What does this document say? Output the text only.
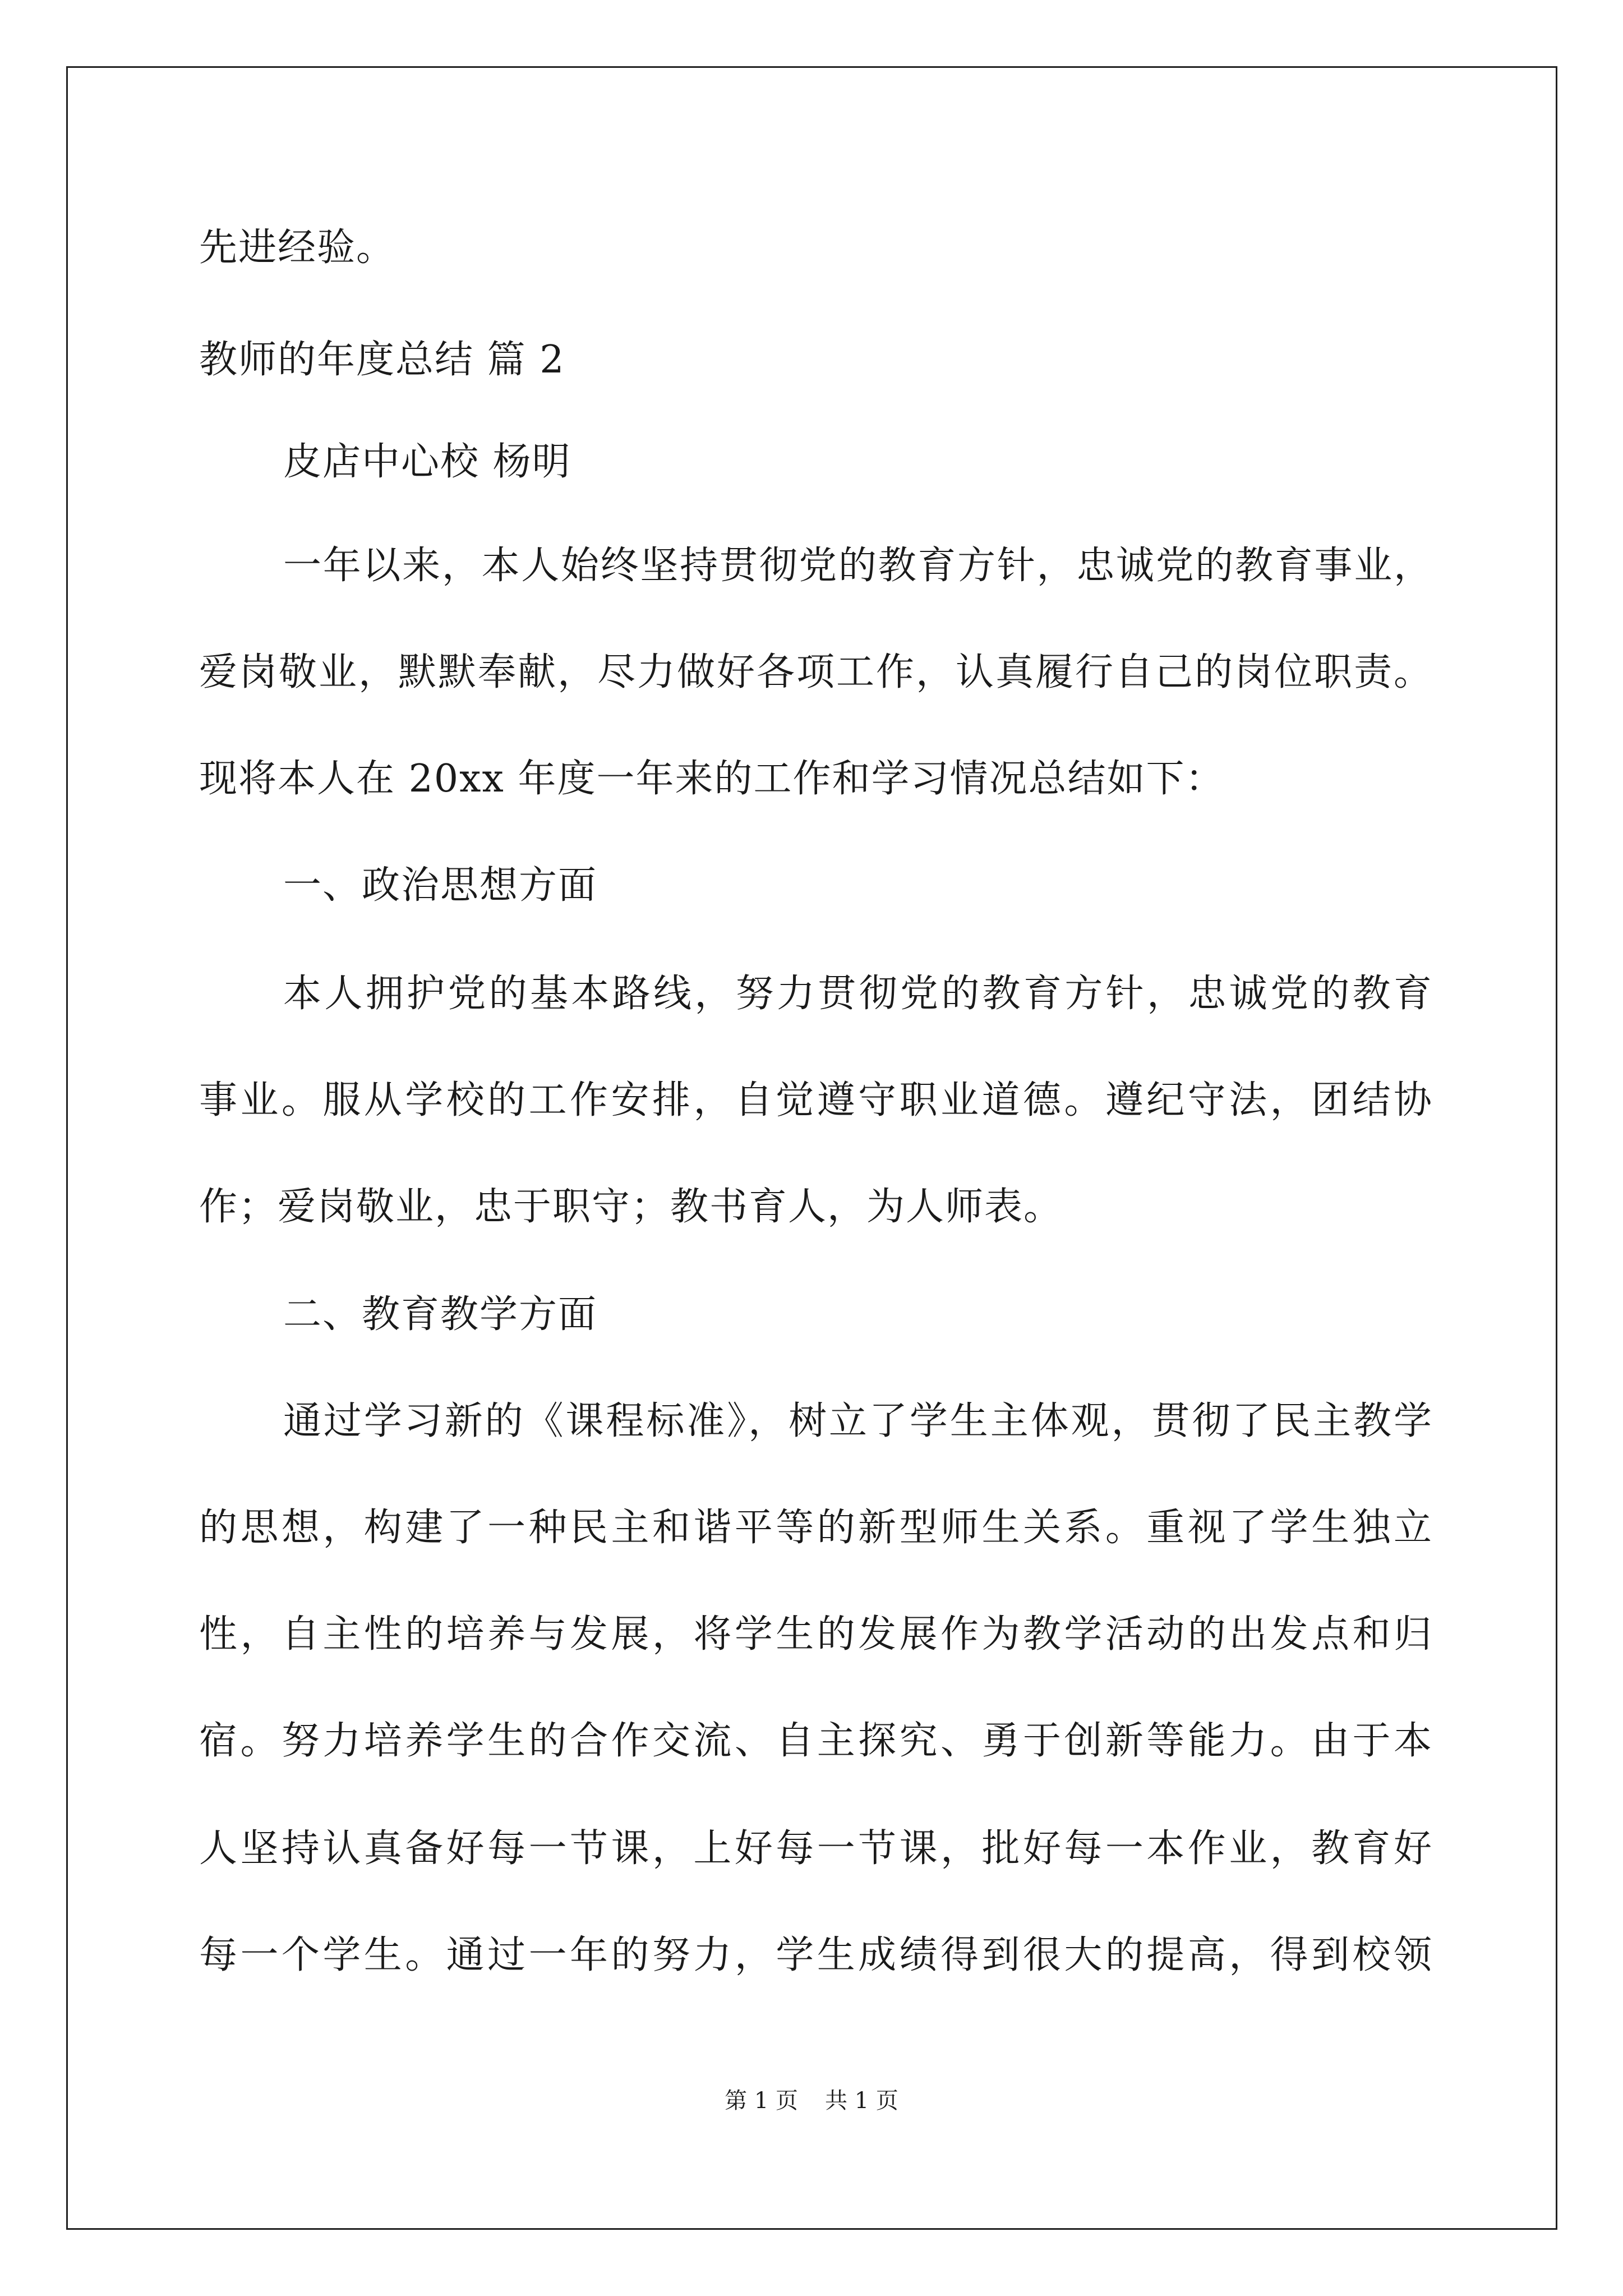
先进经验。
教师的年度总结 篇 2
皮店中心校 杨明
一年以来，本人始终坚持贯彻党的教育方针，忠诚党的教育事业，
爱岗敬业，默默奉献，尽力做好各项工作，认真履行自己的岗位职责。
现将本人在 20xx 年度一年来的工作和学习情况总结如下：
一、政治思想方面
本人拥护党的基本路线，努力贯彻党的教育方针，忠诚党的教育
事业。服从学校的工作安排，自觉遵守职业道德。遵纪守法，团结协
作；爱岗敬业，忠于职守；教书育人，为人师表。
二、教育教学方面
通过学习新的《课程标准》，树立了学生主体观，贯彻了民主教学
的思想，构建了一种民主和谐平等的新型师生关系。重视了学生独立
性，自主性的培养与发展，将学生的发展作为教学活动的出发点和归
宿。努力培养学生的合作交流、自主探究、勇于创新等能力。由于本
人坚持认真备好每一节课，上好每一节课，批好每一本作业，教育好
每一个学生。通过一年的努力，学生成绩得到很大的提高，得到校领
第 1 页 共 1 页
